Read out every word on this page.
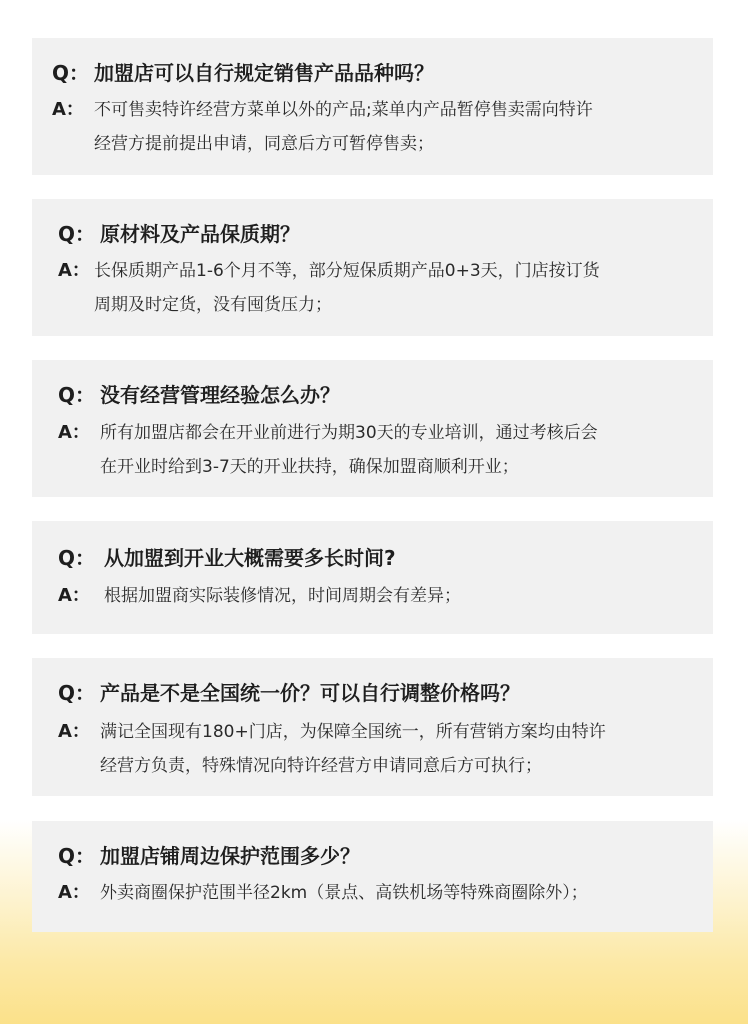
Q： 加盟店可以自行规定销售产品品种吗？
A： 不可售卖特许经营方菜单以外的产品;菜单内产品暂停售卖需向特许
经营方提前提出申请，同意后方可暂停售卖；
Q： 原材料及产品保质期？
A： 长保质期产品1-6个月不等，部分短保质期产品0+3天，门店按订货
周期及时定货，没有囤货压力；
Q： 没有经营管理经验怎么办？
A： 所有加盟店都会在开业前进行为期30天的专业培训，通过考核后会
在开业时给到3-7天的开业扶持，确保加盟商顺利开业；
Q： 从加盟到开业大概需要多长时间?
A： 根据加盟商实际装修情况，时间周期会有差异；
Q： 产品是不是全国统一价？可以自行调整价格吗？
A： 满记全国现有180+门店，为保障全国统一，所有营销方案均由特许
经营方负责，特殊情况向特许经营方申请同意后方可执行；
Q： 加盟店铺周边保护范围多少？
A： 外卖商圈保护范围半径2km（景点、高铁机场等特殊商圈除外）；
